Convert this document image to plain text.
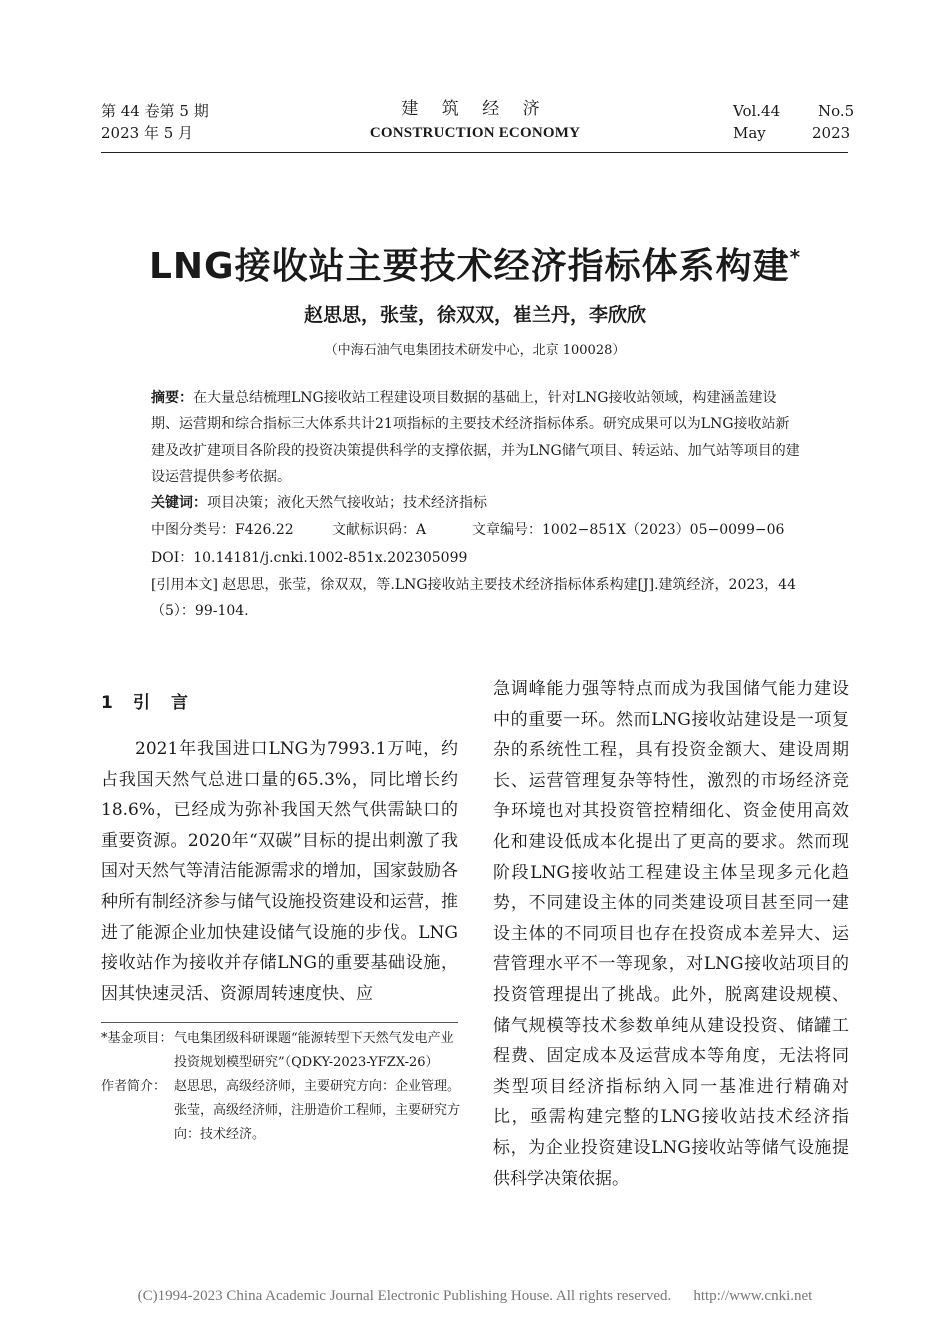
第 44 卷第 5 期
2023 年 5 月
建 筑 经 济
CONSTRUCTION ECONOMY
Vol.44	No.5
May	2023
LNG接收站主要技术经济指标体系构建*
赵思思，张莹，徐双双，崔兰丹，李欣欣
（中海石油气电集团技术研发中心，北京 100028）

摘要：在大量总结梳理LNG接收站工程建设项目数据的基础上，针对LNG接收站领域，构建涵盖建设期、运营期和综合指标三大体系共计21项指标的主要技术经济指标体系。研究成果可以为LNG接收站新建及改扩建项目各阶段的投资决策提供科学的支撑依据，并为LNG储气项目、转运站、加气站等项目的建设运营提供参考依据。

关键词：项目决策；液化天然气接收站；技术经济指标

中图分类号：F426.22	文献标识码：A	文章编号：1002−851X（2023）05−0099−06

DOI：10.14181/j.cnki.1002-851x.202305099

[引用本文] 赵思思，张莹，徐双双，等.LNG接收站主要技术经济指标体系构建[J].建筑经济，2023，44（5）：99-104.

1 引　言

2021年我国进口LNG为7993.1万吨，约占我国天然气总进口量的65.3%，同比增长约18.6%，已经成为弥补我国天然气供需缺口的重要资源。2020年“双碳”目标的提出刺激了我国对天然气等清洁能源需求的增加，国家鼓励各种所有制经济参与储气设施投资建设和运营，推进了能源企业加快建设储气设施的步伐。LNG接收站作为接收并存储LNG的重要基础设施，因其快速灵活、资源周转速度快、应

急调峰能力强等特点而成为我国储气能力建设中的重要一环。然而LNG接收站建设是一项复杂的系统性工程，具有投资金额大、建设周期长、运营管理复杂等特性，激烈的市场经济竞争环境也对其投资管控精细化、资金使用高效化和建设低成本化提出了更高的要求。然而现阶段LNG接收站工程建设主体呈现多元化趋势，不同建设主体的同类建设项目甚至同一建设主体的不同项目也存在投资成本差异大、运营管理水平不一等现象，对LNG接收站项目的投资管理提出了挑战。此外，脱离建设规模、储气规模等技术参数单纯从建设投资、储罐工程费、固定成本及运营成本等角度，无法将同类型项目经济指标纳入同一基准进行精确对比，亟需构建完整的LNG接收站技术经济指标，为企业投资建设LNG接收站等储气设施提供科学决策依据。

*基金项目： 气电集团级科研课题“能源转型下天然气发电产业投资规划模型研究”（QDKY-2023-YFZX-26）
作者简介： 赵思思，高级经济师，主要研究方向：企业管理。
张莹，高级经济师，注册造价工程师，主要研究方向：技术经济。
(C)1994-2023 China Academic Journal Electronic Publishing House. All rights reserved. http://www.cnki.net
